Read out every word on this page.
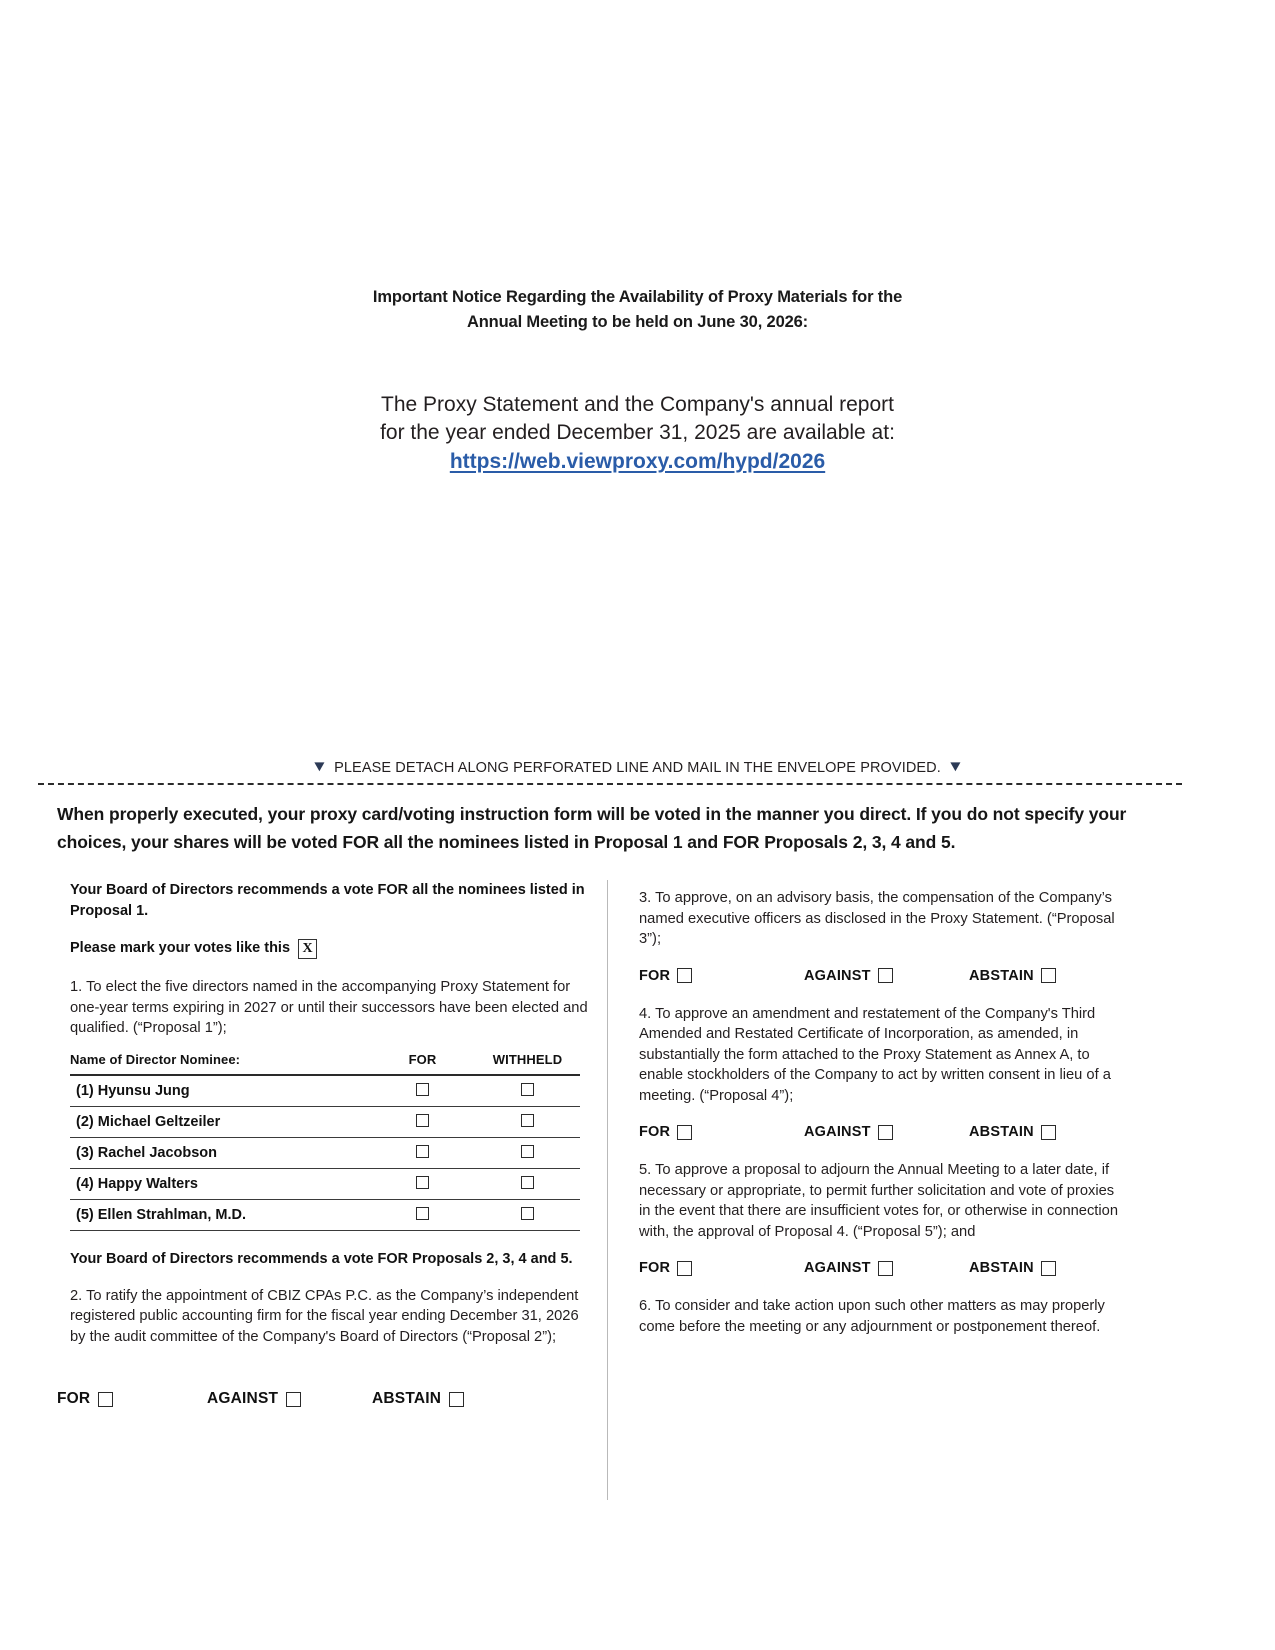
Important Notice Regarding the Availability of Proxy Materials for the
Annual Meeting to be held on June 30, 2026:
The Proxy Statement and the Company's annual report
for the year ended December 31, 2025 are available at:
https://web.viewproxy.com/hypd/2026
▼ PLEASE DETACH ALONG PERFORATED LINE AND MAIL IN THE ENVELOPE PROVIDED. ▼
When properly executed, your proxy card/voting instruction form will be voted in the manner you direct. If you do not specify your choices, your shares will be voted FOR all the nominees listed in Proposal 1 and FOR Proposals 2, 3, 4 and 5.
Your Board of Directors recommends a vote FOR all the nominees listed in Proposal 1.
Please mark your votes like this X
1. To elect the five directors named in the accompanying Proxy Statement for one-year terms expiring in 2027 or until their successors have been elected and qualified. (“Proposal 1”);
Name of Director Nominee:	FOR	WITHHELD
(1) Hyunsu Jung		
(2) Michael Geltzeiler		
(3) Rachel Jacobson		
(4) Happy Walters		
(5) Ellen Strahlman, M.D.		
Your Board of Directors recommends a vote FOR Proposals 2, 3, 4 and 5.
2. To ratify the appointment of CBIZ CPAs P.C. as the Company’s independent registered public accounting firm for the fiscal year ending December 31, 2026 by the audit committee of the Company's Board of Directors (“Proposal 2”);
3. To approve, on an advisory basis, the compensation of the Company’s named executive officers as disclosed in the Proxy Statement. (“Proposal 3”);
FOR	AGAINST	ABSTAIN
4. To approve an amendment and restatement of the Company's Third Amended and Restated Certificate of Incorporation, as amended, in substantially the form attached to the Proxy Statement as Annex A, to enable stockholders of the Company to act by written consent in lieu of a meeting. (“Proposal 4”);
FOR	AGAINST	ABSTAIN
5. To approve a proposal to adjourn the Annual Meeting to a later date, if necessary or appropriate, to permit further solicitation and vote of proxies in the event that there are insufficient votes for, or otherwise in connection with, the approval of Proposal 4. (“Proposal 5”); and
FOR	AGAINST	ABSTAIN
6. To consider and take action upon such other matters as may properly come before the meeting or any adjournment or postponement thereof.
FOR	AGAINST	ABSTAIN
